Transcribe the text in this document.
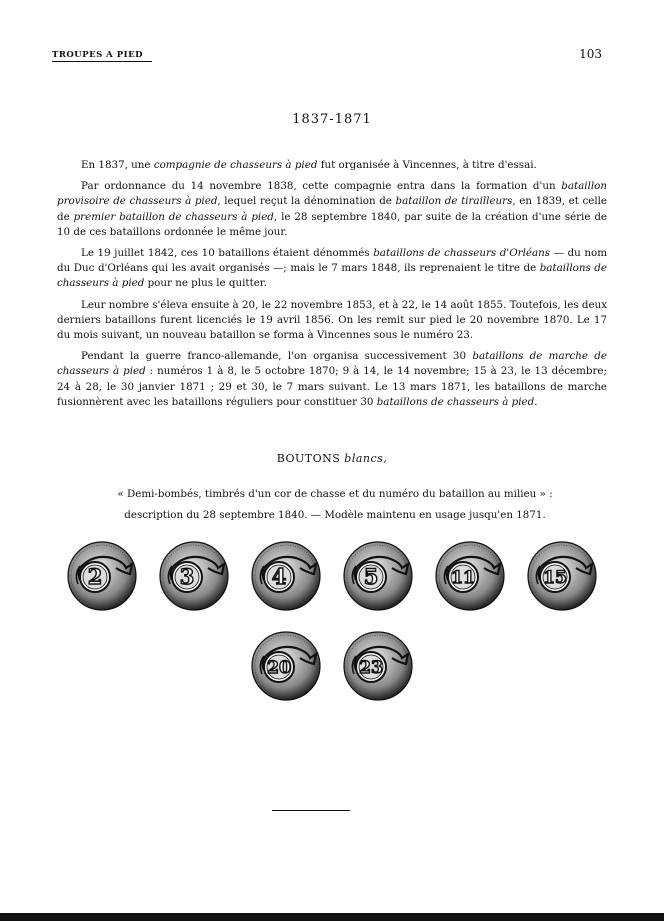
TROUPES A PIED	103
1837-1871

En 1837, une compagnie de chasseurs à pied fut organisée à Vincennes, à titre d'essai.

Par ordonnance du 14 novembre 1838, cette compagnie entra dans la formation d'un bataillon provisoire de chasseurs à pied, lequel reçut la dénomination de bataillon de tirailleurs, en 1839, et celle de premier bataillon de chasseurs à pied, le 28 septembre 1840, par suite de la création d'une série de 10 de ces bataillons ordonnée le même jour.

Le 19 juillet 1842, ces 10 bataillons étaient dénommés bataillons de chasseurs d'Orléans — du nom du Duc d'Orléans qui les avait organisés —; mais le 7 mars 1848, ils reprenaient le titre de bataillons de chasseurs à pied pour ne plus le quitter.

Leur nombre s'éleva ensuite à 20, le 22 novembre 1853, et à 22, le 14 août 1855. Toutefois, les deux derniers bataillons furent licenciés le 19 avril 1856. On les remit sur pied le 20 novembre 1870. Le 17 du mois suivant, un nouveau bataillon se forma à Vincennes sous le numéro 23.

Pendant la guerre franco-allemande, l'on organisa successivement 30 bataillons de marche de chasseurs à pied : numéros 1 à 8, le 5 octobre 1870; 9 à 14, le 14 novembre; 15 à 23, le 13 décembre; 24 à 28, le 30 janvier 1871 ; 29 et 30, le 7 mars suivant. Le 13 mars 1871, les bataillons de marche fusionnèrent avec les bataillons réguliers pour constituer 30 bataillons de chasseurs à pied.

BOUTONS blancs,
« Demi-bombés, timbrés d'un cor de chasse et du numéro du bataillon au milieu » :
description du 28 septembre 1840. — Modèle maintenu en usage jusqu'en 1871.
2	3	4	5	11	15
20	23
